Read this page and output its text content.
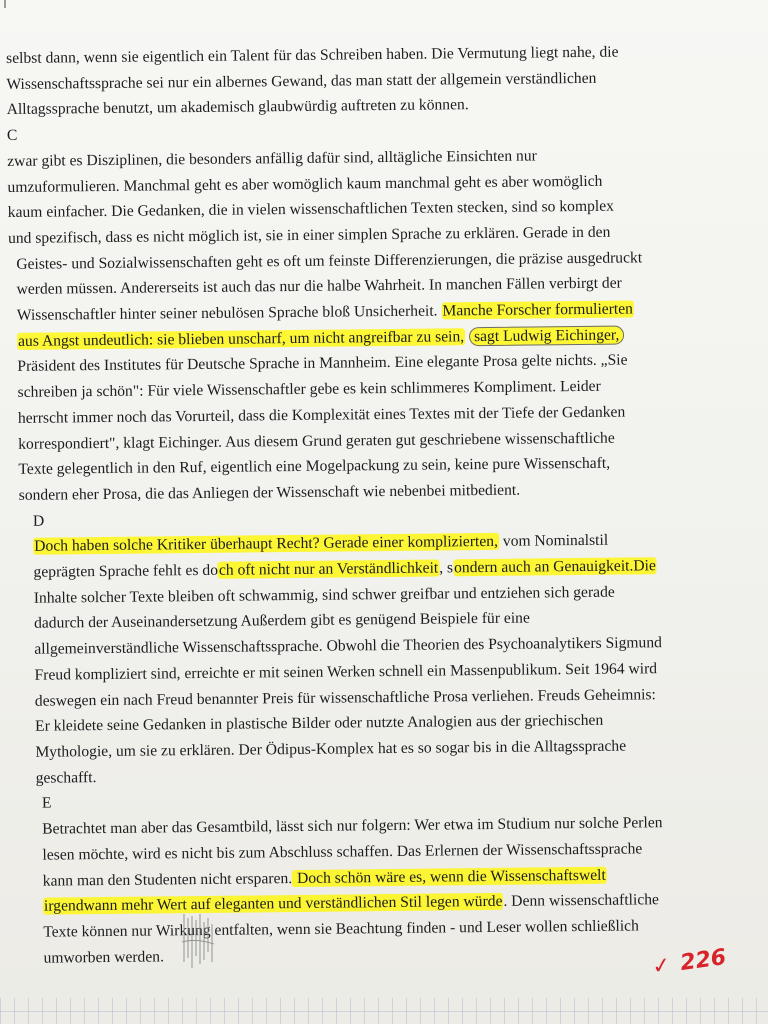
selbst dann, wenn sie eigentlich ein Talent für das Schreiben haben. Die Vermutung liegt nahe, die

Wissenschaftssprache sei nur ein albernes Gewand, das man statt der allgemein verständlichen

Alltagssprache benutzt, um akademisch glaubwürdig auftreten zu können.

C

zwar gibt es Disziplinen, die besonders anfällig dafür sind, alltägliche Einsichten nur

umzuformulieren. Manchmal geht es aber womöglich kaum manchmal geht es aber womöglich

kaum einfacher. Die Gedanken, die in vielen wissenschaftlichen Texten stecken, sind so komplex

und spezifisch, dass es nicht möglich ist, sie in einer simplen Sprache zu erklären. Gerade in den

Geistes- und Sozialwissenschaften geht es oft um feinste Differenzierungen, die präzise ausgedruckt

werden müssen. Andererseits ist auch das nur die halbe Wahrheit. In manchen Fällen verbirgt der

Wissenschaftler hinter seiner nebulösen Sprache bloß Unsicherheit. Manche Forscher formulierten

aus Angst undeutlich: sie blieben unscharf, um nicht angreifbar zu sein, sagt Ludwig Eichinger,

Präsident des Institutes für Deutsche Sprache in Mannheim. Eine elegante Prosa gelte nichts. „Sie

schreiben ja schön": Für viele Wissenschaftler gebe es kein schlimmeres Kompliment. Leider

herrscht immer noch das Vorurteil, dass die Komplexität eines Textes mit der Tiefe der Gedanken

korrespondiert", klagt Eichinger. Aus diesem Grund geraten gut geschriebene wissenschaftliche

Texte gelegentlich in den Ruf, eigentlich eine Mogelpackung zu sein, keine pure Wissenschaft,

sondern eher Prosa, die das Anliegen der Wissenschaft wie nebenbei mitbedient.

D

Doch haben solche Kritiker überhaupt Recht? Gerade einer komplizierten, vom Nominalstil

geprägten Sprache fehlt es doch oft nicht nur an Verständlichkeit, sondern auch an Genauigkeit.Die

Inhalte solcher Texte bleiben oft schwammig, sind schwer greifbar und entziehen sich gerade

dadurch der Auseinandersetzung Außerdem gibt es genügend Beispiele für eine

allgemeinverständliche Wissenschaftssprache. Obwohl die Theorien des Psychoanalytikers Sigmund

Freud kompliziert sind, erreichte er mit seinen Werken schnell ein Massenpublikum. Seit 1964 wird

deswegen ein nach Freud benannter Preis für wissenschaftliche Prosa verliehen. Freuds Geheimnis:

Er kleidete seine Gedanken in plastische Bilder oder nutzte Analogien aus der griechischen

Mythologie, um sie zu erklären. Der Ödipus-Komplex hat es so sogar bis in die Alltagssprache

geschafft.

E

Betrachtet man aber das Gesamtbild, lässt sich nur folgern: Wer etwa im Studium nur solche Perlen

lesen möchte, wird es nicht bis zum Abschluss schaffen. Das Erlernen der Wissenschaftssprache

kann man den Studenten nicht ersparen. Doch schön wäre es, wenn die Wissenschaftswelt

irgendwann mehr Wert auf eleganten und verständlichen Stil legen würde. Denn wissenschaftliche

Texte können nur Wirkung entfalten, wenn sie Beachtung finden - und Leser wollen schließlich

umworben werden.	✓ 226
